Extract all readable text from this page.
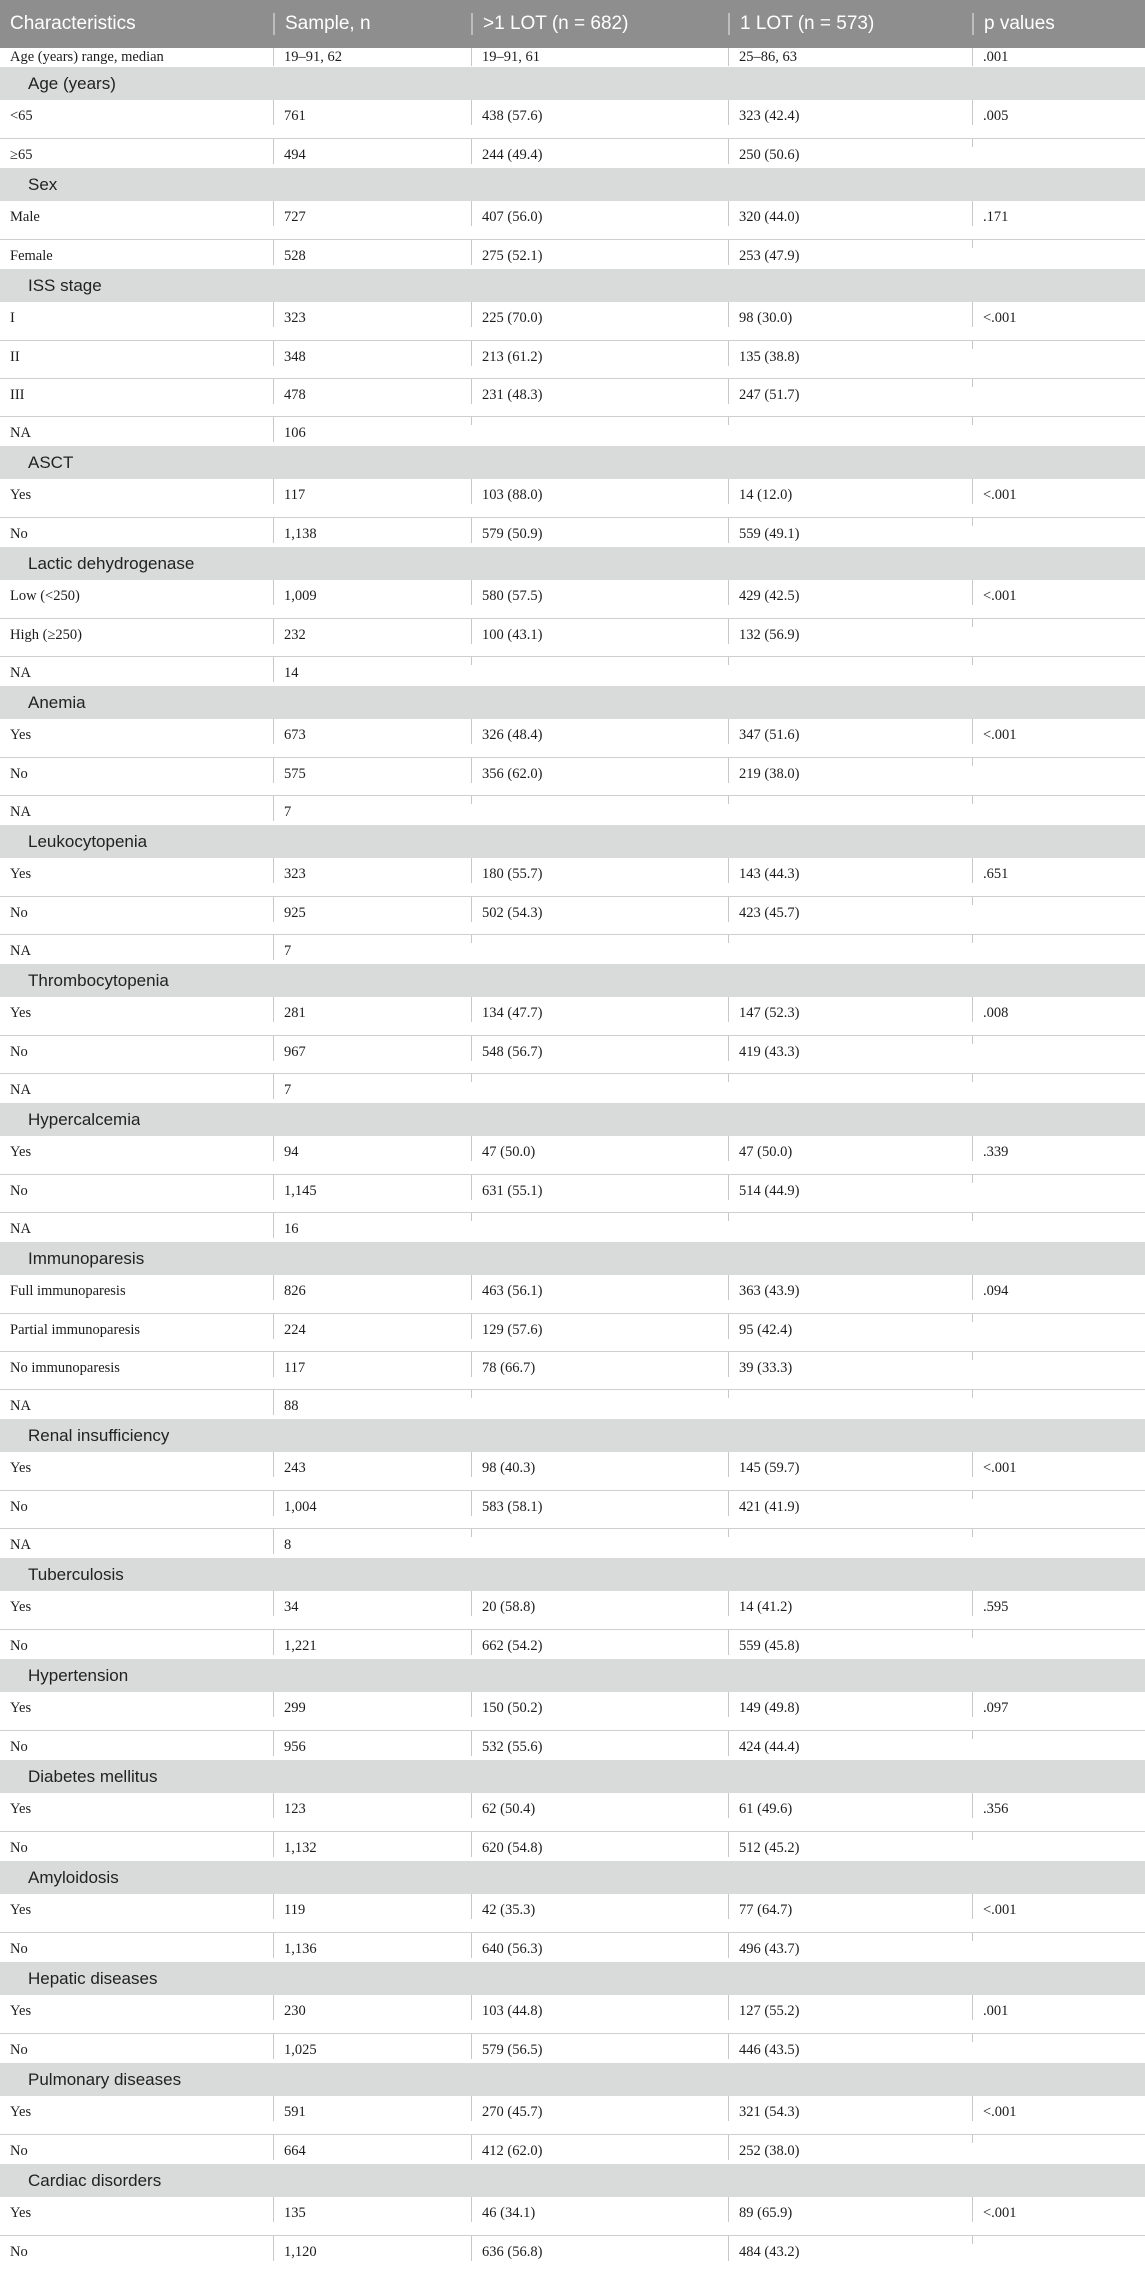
Characteristics	Sample, n	>1 LOT (n = 682)	1 LOT (n = 573)	p values
Age (years) range, median	19–91, 62	19–91, 61	25–86, 63	.001
Age (years)
<65	761	438 (57.6)	323 (42.4)	.005
≥65	494	244 (49.4)	250 (50.6)
Sex
Male	727	407 (56.0)	320 (44.0)	.171
Female	528	275 (52.1)	253 (47.9)
ISS stage
I	323	225 (70.0)	98 (30.0)	<.001
II	348	213 (61.2)	135 (38.8)
III	478	231 (48.3)	247 (51.7)
NA	106
ASCT
Yes	117	103 (88.0)	14 (12.0)	<.001
No	1,138	579 (50.9)	559 (49.1)
Lactic dehydrogenase
Low (<250)	1,009	580 (57.5)	429 (42.5)	<.001
High (≥250)	232	100 (43.1)	132 (56.9)
NA	14
Anemia
Yes	673	326 (48.4)	347 (51.6)	<.001
No	575	356 (62.0)	219 (38.0)
NA	7
Leukocytopenia
Yes	323	180 (55.7)	143 (44.3)	.651
No	925	502 (54.3)	423 (45.7)
NA	7
Thrombocytopenia
Yes	281	134 (47.7)	147 (52.3)	.008
No	967	548 (56.7)	419 (43.3)
NA	7
Hypercalcemia
Yes	94	47 (50.0)	47 (50.0)	.339
No	1,145	631 (55.1)	514 (44.9)
NA	16
Immunoparesis
Full immunoparesis	826	463 (56.1)	363 (43.9)	.094
Partial immunoparesis	224	129 (57.6)	95 (42.4)
No immunoparesis	117	78 (66.7)	39 (33.3)
NA	88
Renal insufficiency
Yes	243	98 (40.3)	145 (59.7)	<.001
No	1,004	583 (58.1)	421 (41.9)
NA	8
Tuberculosis
Yes	34	20 (58.8)	14 (41.2)	.595
No	1,221	662 (54.2)	559 (45.8)
Hypertension
Yes	299	150 (50.2)	149 (49.8)	.097
No	956	532 (55.6)	424 (44.4)
Diabetes mellitus
Yes	123	62 (50.4)	61 (49.6)	.356
No	1,132	620 (54.8)	512 (45.2)
Amyloidosis
Yes	119	42 (35.3)	77 (64.7)	<.001
No	1,136	640 (56.3)	496 (43.7)
Hepatic diseases
Yes	230	103 (44.8)	127 (55.2)	.001
No	1,025	579 (56.5)	446 (43.5)
Pulmonary diseases
Yes	591	270 (45.7)	321 (54.3)	<.001
No	664	412 (62.0)	252 (38.0)
Cardiac disorders
Yes	135	46 (34.1)	89 (65.9)	<.001
No	1,120	636 (56.8)	484 (43.2)
